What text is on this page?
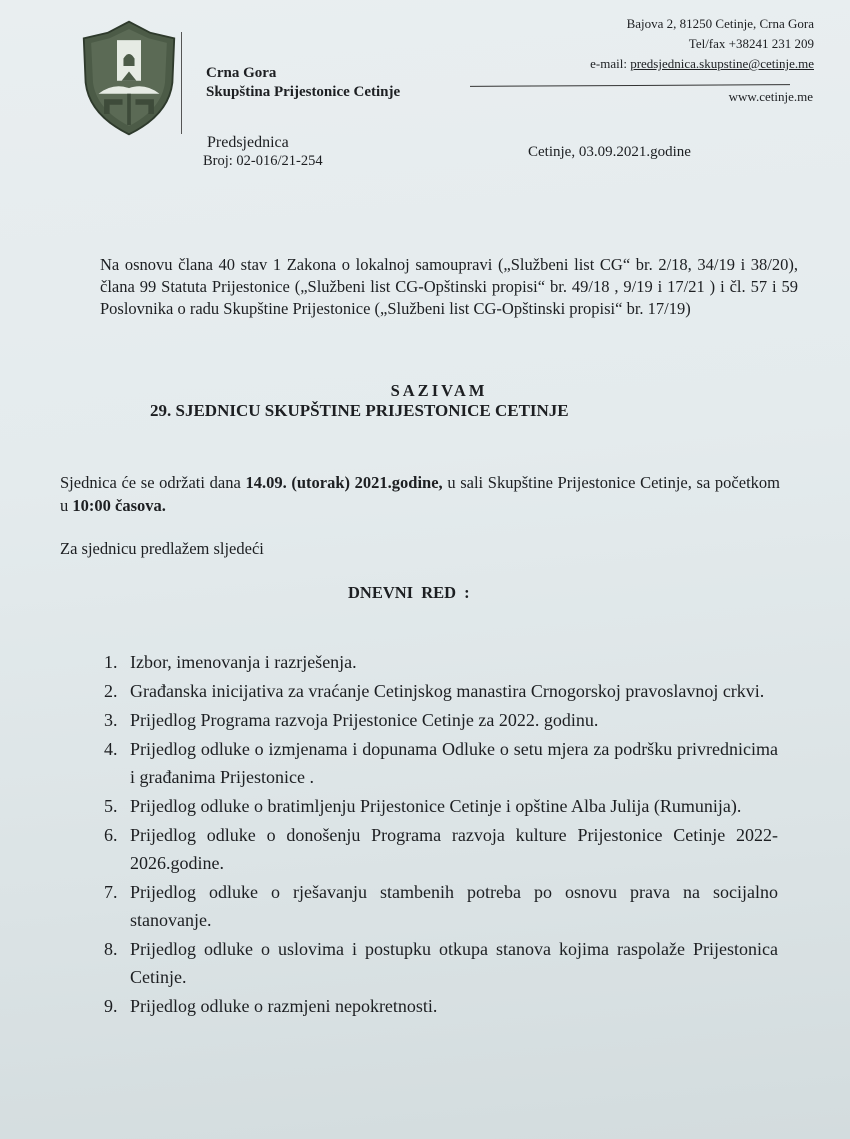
Crna Gora
Skupština Prijestonice Cetinje
Predsjednica
Broj: 02-016/21-254
Bajova 2, 81250 Cetinje, Crna Gora
Tel/fax +38241 231 209
e-mail: predsjednica.skupstine@cetinje.me
www.cetinje.me
Cetinje, 03.09.2021.godine
Na osnovu člana 40 stav 1 Zakona o lokalnoj samoupravi („Službeni list CG“ br. 2/18, 34/19 i 38/20), člana 99 Statuta Prijestonice („Službeni list CG-Opštinski propisi“ br. 49/18 , 9/19 i 17/21 ) i čl. 57 i 59 Poslovnika o radu Skupštine Prijestonice („Službeni list CG-Opštinski propisi“ br. 17/19)
SAZIVAM
29. SJEDNICU SKUPŠTINE PRIJESTONICE CETINJE
Sjednica će se održati dana 14.09. (utorak) 2021.godine, u sali Skupštine Prijestonice Cetinje, sa početkom u 10:00 časova.
Za sjednicu predlažem sljedeći
DNEVNI RED :
1. Izbor, imenovanja i razrješenja.
2. Građanska inicijativa za vraćanje Cetinjskog manastira Crnogorskoj pravoslavnoj crkvi.
3. Prijedlog Programa razvoja Prijestonice Cetinje za 2022. godinu.
4. Prijedlog odluke o izmjenama i dopunama Odluke o setu mjera za podršku privrednicima i građanima Prijestonice .
5. Prijedlog odluke o bratimljenju Prijestonice Cetinje i opštine Alba Julija (Rumunija).
6. Prijedlog odluke o donošenju Programa razvoja kulture Prijestonice Cetinje 2022-2026.godine.
7. Prijedlog odluke o rješavanju stambenih potreba po osnovu prava na socijalno stanovanje.
8. Prijedlog odluke o uslovima i postupku otkupa stanova kojima raspolaže Prijestonica Cetinje.
9. Prijedlog odluke o razmjeni nepokretnosti.
